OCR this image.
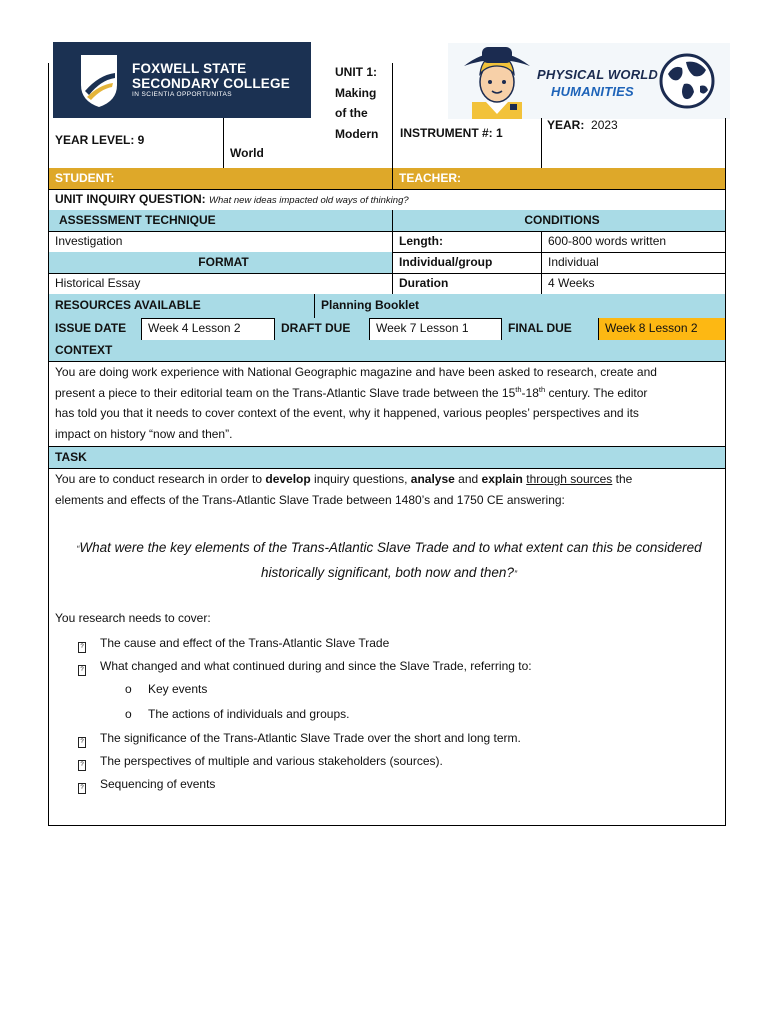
FOXWELL STATE
SECONDARY COLLEGE
IN SCIENTIA OPPORTUNITAS
PHYSICAL WORLD
HUMANITIES
UNIT 1:
Making
of the
Modern
World
YEAR LEVEL: 9	INSTRUMENT #: 1
YEAR: 2023
STUDENT:	TEACHER:
UNIT INQUIRY QUESTION: What new ideas impacted old ways of thinking?
ASSESSMENT TECHNIQUE	CONDITIONS
Investigation	Length:	600-800 words written
FORMAT	Individual/group	Individual
Historical Essay	Duration	4 Weeks
RESOURCES AVAILABLE	Planning Booklet
ISSUE DATE	Week 4 Lesson 2	DRAFT DUE	Week 7 Lesson 1	FINAL DUE	Week 8 Lesson 2
CONTEXT
You are doing work experience with National Geographic magazine and have been asked to research, create and
present a piece to their editorial team on the Trans-Atlantic Slave trade between the 15th-18th century. The editor
has told you that it needs to cover context of the event, why it happened, various peoples’ perspectives and its
impact on history “now and then”.
TASK
You are to conduct research in order to develop inquiry questions, analyse and explain through sources the
elements and effects of the Trans-Atlantic Slave Trade between 1480’s and 1750 CE answering:
“What were the key elements of the Trans-Atlantic Slave Trade and to what extent can this be considered
historically significant, both now and then?”
You research needs to cover:
? The cause and effect of the Trans-Atlantic Slave Trade
? What changed and what continued during and since the Slave Trade, referring to:
o Key events
o The actions of individuals and groups.
? The significance of the Trans-Atlantic Slave Trade over the short and long term.
? The perspectives of multiple and various stakeholders (sources).
? Sequencing of events
